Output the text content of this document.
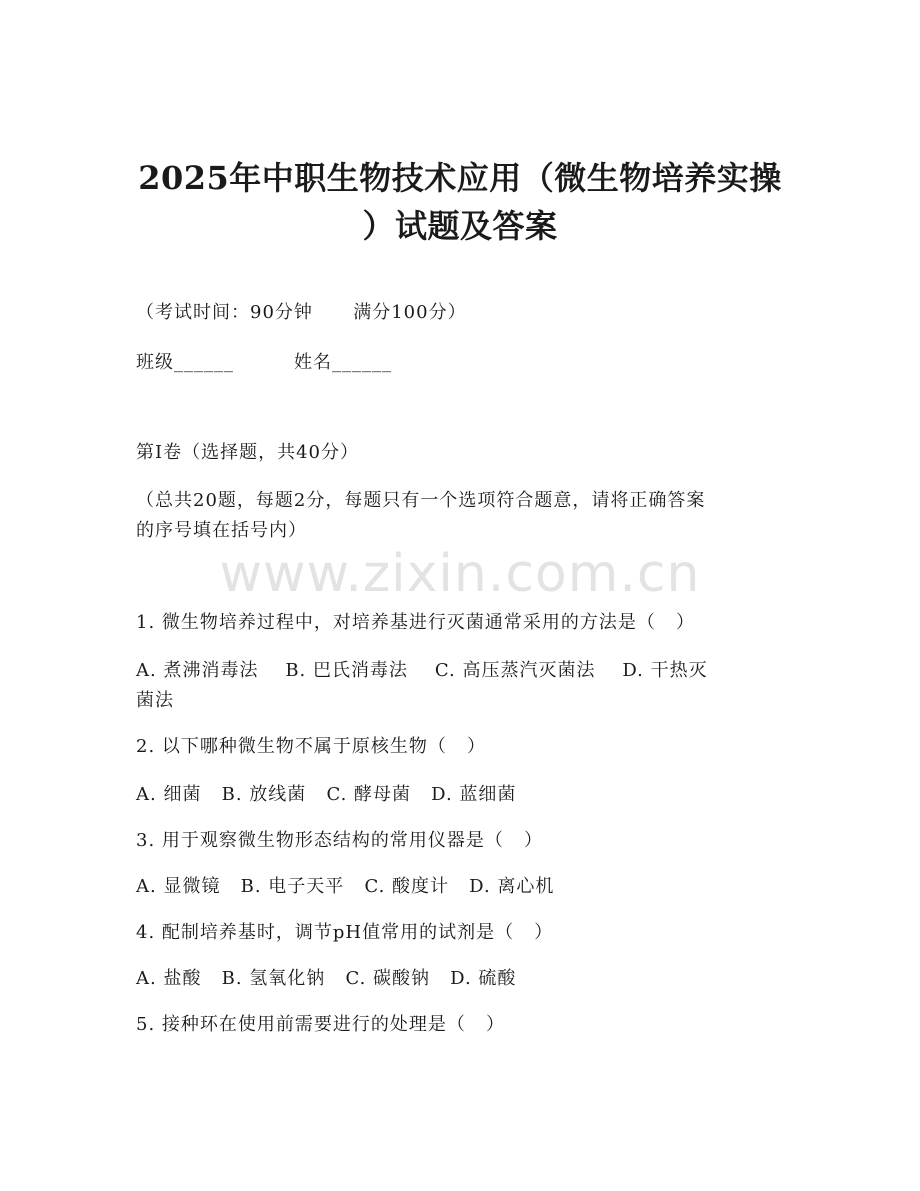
2025年中职生物技术应用（微生物培养实操
）试题及答案
（考试时间：90分钟      满分100分）
班级______	姓名______
第I卷（选择题，共40分）
（总共20题，每题2分，每题只有一个选项符合题意，请将正确答案
的序号填在括号内）
www.zixin.com.cn
1. 微生物培养过程中，对培养基进行灭菌通常采用的方法是（   ）
A. 煮沸消毒法    B. 巴氏消毒法    C. 高压蒸汽灭菌法    D. 干热灭
菌法
2. 以下哪种微生物不属于原核生物（   ）
A. 细菌   B. 放线菌   C. 酵母菌   D. 蓝细菌
3. 用于观察微生物形态结构的常用仪器是（   ）
A. 显微镜   B. 电子天平   C. 酸度计   D. 离心机
4. 配制培养基时，调节pH值常用的试剂是（   ）
A. 盐酸   B. 氢氧化钠   C. 碳酸钠   D. 硫酸
5. 接种环在使用前需要进行的处理是（   ）
